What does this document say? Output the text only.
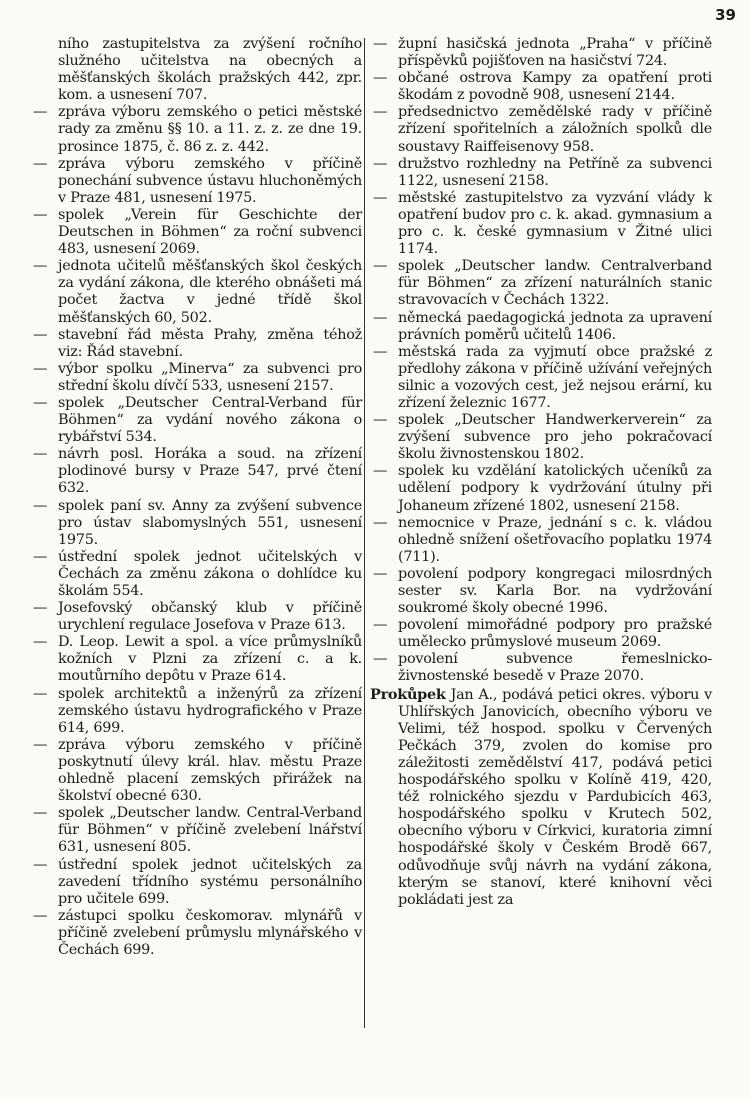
39
ního zastupitelstva za zvýšení ročního služného učitelstva na obecných a měšťanských školách pražských 442, zpr. kom. a usnesení 707.
— zpráva výboru zemského o petici městské rady za změnu §§ 10. a 11. z. z. ze dne 19. prosince 1875, č. 86 z. z. 442.
— zpráva výboru zemského v příčině ponechání subvence ústavu hluchoněmých v Praze 481, usnesení 1975.
— spolek „Verein für Geschichte der Deutschen in Böhmen“ za roční subvenci 483, usnesení 2069.
— jednota učitelů měšťanských škol českých za vydání zákona, dle kterého obnášeti má počet žactva v jedné třídě škol měšťanských 60, 502.
— stavební řád města Prahy, změna téhož viz: Řád stavební.
— výbor spolku „Minerva“ za subvenci pro střední školu dívčí 533, usnesení 2157.
— spolek „Deutscher Central-Verband für Böhmen“ za vydání nového zákona o rybářství 534.
— návrh posl. Horáka a soud. na zřízení plodinové bursy v Praze 547, prvé čtení 632.
— spolek paní sv. Anny za zvýšení subvence pro ústav slabomyslných 551, usnesení 1975.
— ústřední spolek jednot učitelských v Čechách za změnu zákona o dohlídce ku školám 554.
— Josefovský občanský klub v příčině urychlení regulace Josefova v Praze 613.
— D. Leop. Lewit a spol. a více průmyslníků kožních v Plzni za zřízení c. a k. moutůrního depôtu v Praze 614.
— spolek architektů a inženýrů za zřízení zemského ústavu hydrografického v Praze 614, 699.
— zpráva výboru zemského v příčině poskytnutí úlevy král. hlav. městu Praze ohledně placení zemských přirážek na školství obecné 630.
— spolek „Deutscher landw. Central-Verband für Böhmen“ v příčině zvelebení lnářství 631, usnesení 805.
— ústřední spolek jednot učitelských za zavedení třídního systému personálního pro učitele 699.
— zástupci spolku českomorav. mlynářů v příčině zvelebení průmyslu mlynářského v Čechách 699.
— župní hasičská jednota „Praha“ v příčině příspěvků pojišťoven na hasičství 724.
— občané ostrova Kampy za opatření proti škodám z povodně 908, usnesení 2144.
— předsednictvo zemědělské rady v příčině zřízení spořitelních a záložních spolků dle soustavy Raiffeisenovy 958.
— družstvo rozhledny na Petříně za subvenci 1122, usnesení 2158.
— městské zastupitelstvo za vyzvání vlády k opatření budov pro c. k. akad. gymnasium a pro c. k. české gymnasium v Žitné ulici 1174.
— spolek „Deutscher landw. Centralverband für Böhmen“ za zřízení naturálních stanic stravovacích v Čechách 1322.
— německá paedagogická jednota za upravení právních poměrů učitelů 1406.
— městská rada za vyjmutí obce pražské z předlohy zákona v příčině užívání veřejných silnic a vozových cest, jež nejsou erární, ku zřízení železnic 1677.
— spolek „Deutscher Handwerkerverein“ za zvýšení subvence pro jeho pokračovací školu živnostenskou 1802.
— spolek ku vzdělání katolických učeníků za udělení podpory k vydržování útulny při Johaneum zřízené 1802, usnesení 2158.
— nemocnice v Praze, jednání s c. k. vládou ohledně snížení ošetřovacího poplatku 1974 (711).
— povolení podpory kongregaci milosrdných sester sv. Karla Bor. na vydržování soukromé školy obecné 1996.
— povolení mimořádné podpory pro pražské umělecko průmyslové museum 2069.
— povolení subvence řemeslnicko-živnostenské besedě v Praze 2070.
Prokůpek Jan A., podává petici okres. výboru v Uhlířských Janovicích, obecního výboru ve Velimi, též hospod. spolku v Červených Pečkách 379, zvolen do komise pro záležitosti zemědělství 417, podává petici hospodářského spolku v Kolíně 419, 420, též rolnického sjezdu v Pardubicích 463, hospodářského spolku v Krutech 502, obecního výboru v Církvici, kuratoria zimní hospodářské školy v Českém Brodě 667, odůvodňuje svůj návrh na vydání zákona, kterým se stanoví, které knihovní věci pokládati jest za
